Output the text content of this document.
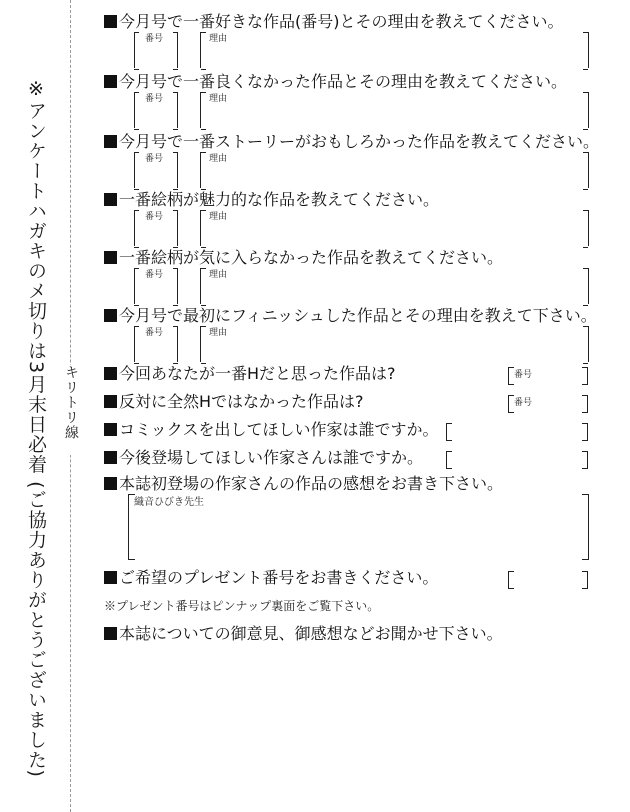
※アンケートハガキのメ切りは3月末日必着 (ご協力ありがとうございました)	キリトリ線
今月号で一番好きな作品(番号)とその理由を教えてください。
番号	理由
今月号で一番良くなかった作品とその理由を教えてください。
番号	理由
今月号で一番ストーリーがおもしろかった作品を教えてください。
番号	理由
一番絵柄が魅力的な作品を教えてください。
番号	理由
一番絵柄が気に入らなかった作品を教えてください。
番号	理由
今月号で最初にフィニッシュした作品とその理由を教えて下さい。
番号	理由
今回あなたが一番Hだと思った作品は?	番号
反対に全然Hではなかった作品は?	番号
コミックスを出してほしい作家は誰ですか。
今後登場してほしい作家さんは誰ですか。
本誌初登場の作家さんの作品の感想をお書き下さい。
織音ひびき先生
ご希望のプレゼント番号をお書きください。
※プレゼント番号はピンナップ裏面をご覧下さい。
本誌についての御意見、御感想などお聞かせ下さい。
